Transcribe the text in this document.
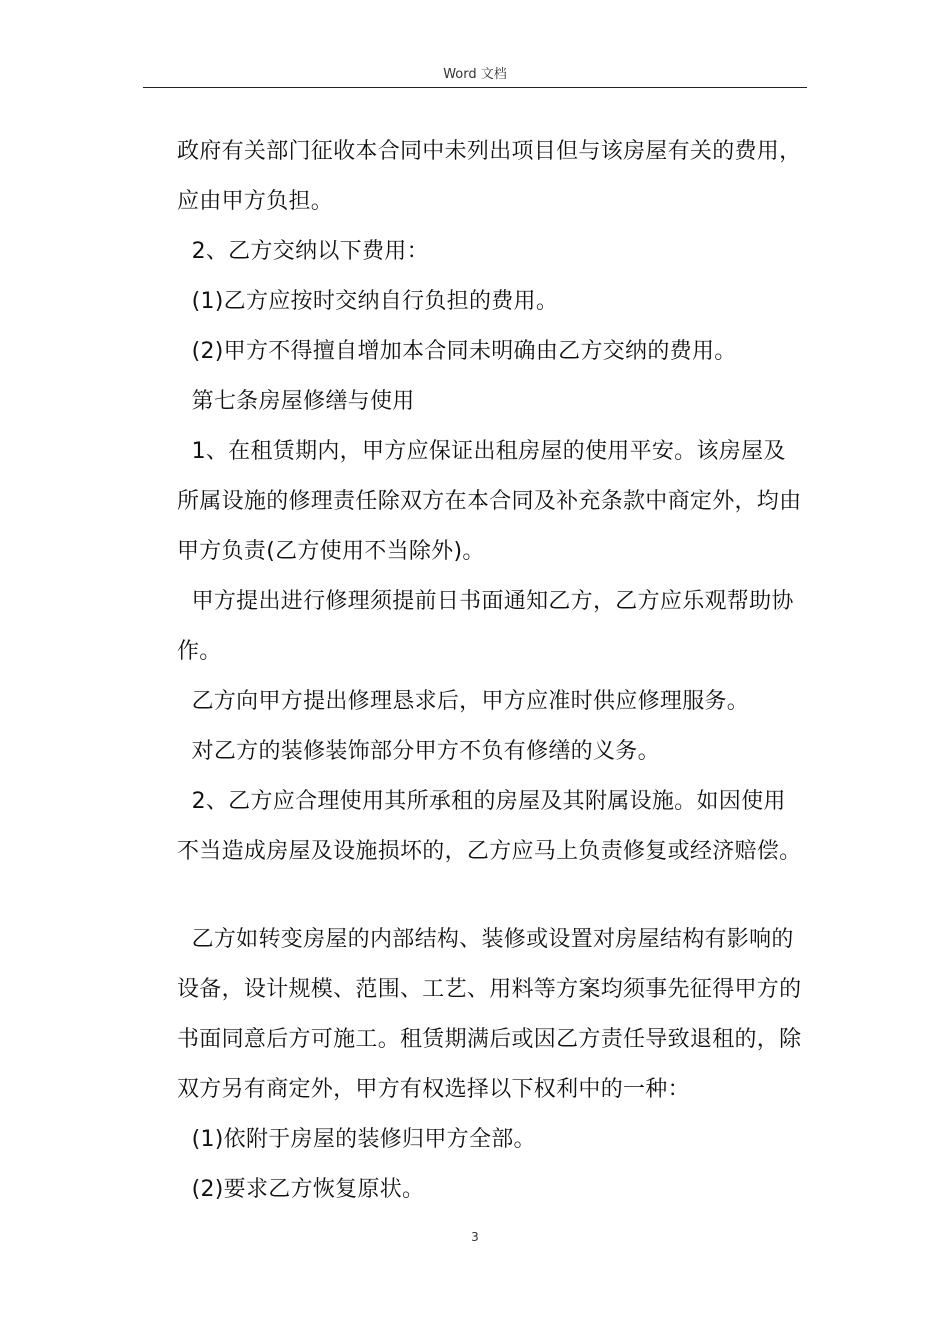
Word 文档
政府有关部门征收本合同中未列出项目但与该房屋有关的费用，
应由甲方负担。
2、乙方交纳以下费用：
(1)乙方应按时交纳自行负担的费用。
(2)甲方不得擅自增加本合同未明确由乙方交纳的费用。
第七条房屋修缮与使用
1、在租赁期内，甲方应保证出租房屋的使用平安。该房屋及
所属设施的修理责任除双方在本合同及补充条款中商定外，均由
甲方负责(乙方使用不当除外)。
甲方提出进行修理须提前日书面通知乙方，乙方应乐观帮助协
作。
乙方向甲方提出修理恳求后，甲方应准时供应修理服务。
对乙方的装修装饰部分甲方不负有修缮的义务。
2、乙方应合理使用其所承租的房屋及其附属设施。如因使用
不当造成房屋及设施损坏的，乙方应马上负责修复或经济赔偿。
乙方如转变房屋的内部结构、装修或设置对房屋结构有影响的
设备，设计规模、范围、工艺、用料等方案均须事先征得甲方的
书面同意后方可施工。租赁期满后或因乙方责任导致退租的，除
双方另有商定外，甲方有权选择以下权利中的一种：
(1)依附于房屋的装修归甲方全部。
(2)要求乙方恢复原状。
3
